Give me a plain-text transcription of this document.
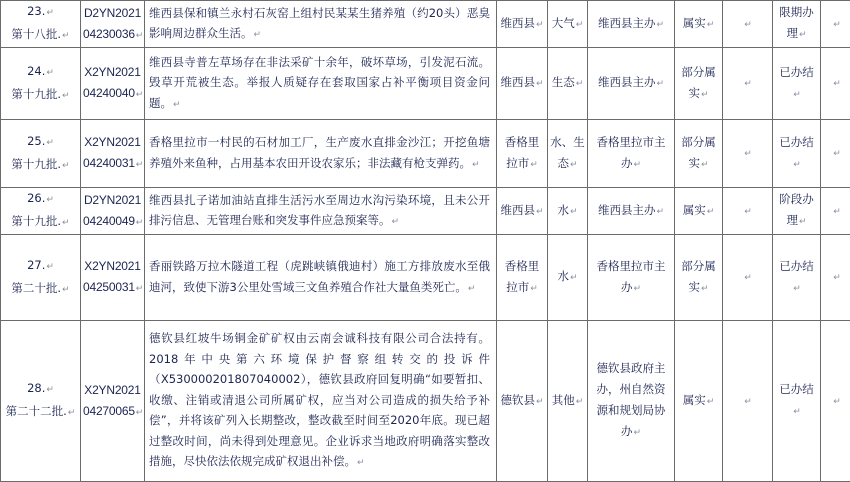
23.↵
第十八批.↵	D2YN2021
04230036↵	维西县保和镇兰永村石灰窑上组村民某某生猪养殖（约20头）恶臭影响周边群众生活。↵	维西县↵	大气↵	维西县主办↵	属实↵	↵	限期办理↵	↵
24.↵
第十九批.↵	X2YN2021
04240040↵	维西县寺普左草场存在非法采矿十余年，破坏草场，引发泥石流。毁草开荒被生态。举报人质疑存在套取国家占补平衡项目资金问题。↵	维西县↵	生态↵	维西县主办↵	部分属实↵	↵	已办结↵	↵
25.↵
第十九批.↵	X2YN2021
04240031↵	香格里拉市一村民的石材加工厂，生产废水直排金沙江；开挖鱼塘养殖外来鱼种，占用基本农田开设农家乐；非法藏有枪支弹药。↵	香格里拉市↵	水、生态↵	香格里拉市主办↵	部分属实↵	↵	已办结↵	↵
26.↵
第十九批.↵	D2YN2021
04240049↵	维西县扎子诺加油站直排生活污水至周边水沟污染环境，且未公开排污信息、无管理台账和突发事件应急预案等。↵	维西县↵	水↵	维西县主办↵	属实↵	↵	阶段办理↵	↵
27.↵
第二十批.↵	X2YN2021
04250031↵	香丽铁路万拉木隧道工程（虎跳峡镇俄迪村）施工方排放废水至俄迪河，致使下游3公里处雪域三文鱼养殖合作社大量鱼类死亡。↵	香格里拉市↵	水↵	香格里拉市主办↵	部分属实↵	↵	已办结↵	↵
28.↵
第二十二批.↵	X2YN2021
04270065↵	德钦县红坡牛场铜金矿矿权由云南会诚科技有限公司合法持有。2018年中央第六环境保护督察组转交的投诉件（X530000201807040002），德钦县政府回复明确“如要暂扣、收缴、注销或清退公司所属矿权，应当对公司造成的损失给予补偿”，并将该矿列入长期整改，整改截至时间至2020年底。现已超过整改时间，尚未得到处理意见。企业诉求当地政府明确落实整改措施，尽快依法依规完成矿权退出补偿。↵	德钦县↵	其他↵	德钦县政府主办，州自然资源和规划局协办↵	属实↵	↵	已办结↵	↵
